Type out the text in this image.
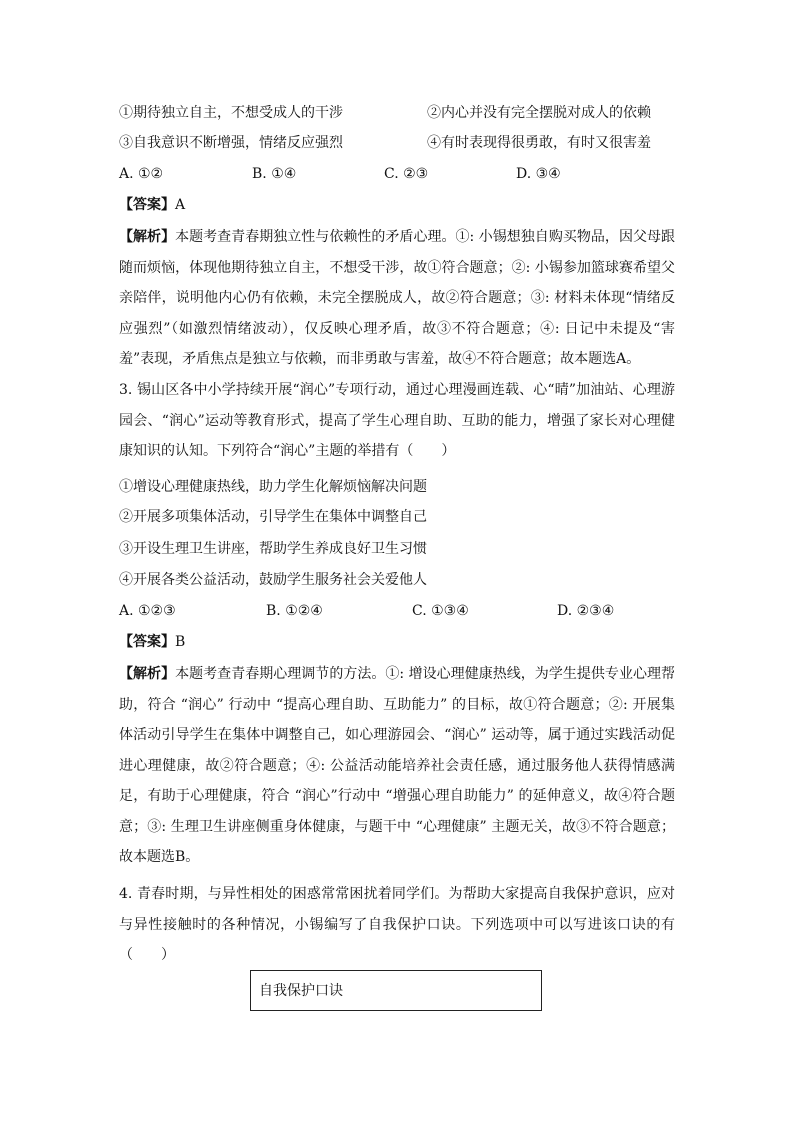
①期待独立自主，不想受成人的干涉	②内心并没有完全摆脱对成人的依赖
③自我意识不断增强，情绪反应强烈	④有时表现得很勇敢，有时又很害羞
A. ①②	B. ①④	C. ②③	D. ③④
【答案】A
【解析】本题考查青春期独立性与依赖性的矛盾心理。①: 小锡想独自购买物品，因父母跟随而烦恼，体现他期待独立自主，不想受干涉，故①符合题意；②: 小锡参加篮球赛希望父亲陪伴，说明他内心仍有依赖，未完全摆脱成人，故②符合题意；③: 材料未体现“情绪反应强烈”（如激烈情绪波动），仅反映心理矛盾，故③不符合题意；④: 日记中未提及“害羞”表现，矛盾焦点是独立与依赖，而非勇敢与害羞，故④不符合题意；故本题选A。
3. 锡山区各中小学持续开展“润心”专项行动，通过心理漫画连载、心“晴”加油站、心理游园会、“润心”运动等教育形式，提高了学生心理自助、互助的能力，增强了家长对心理健康知识的认知。下列符合“润心”主题的举措有（　　）
①增设心理健康热线，助力学生化解烦恼解决问题
②开展多项集体活动，引导学生在集体中调整自己
③开设生理卫生讲座，帮助学生养成良好卫生习惯
④开展各类公益活动，鼓励学生服务社会关爱他人
A. ①②③	B. ①②④	C. ①③④	D. ②③④
【答案】B
【解析】本题考查青春期心理调节的方法。①: 增设心理健康热线，为学生提供专业心理帮助，符合 “润心” 行动中 “提高心理自助、互助能力” 的目标，故①符合题意；②: 开展集体活动引导学生在集体中调整自己，如心理游园会、“润心” 运动等，属于通过实践活动促进心理健康，故②符合题意；④: 公益活动能培养社会责任感，通过服务他人获得情感满足，有助于心理健康，符合 “润心”行动中 “增强心理自助能力” 的延伸意义，故④符合题意；③: 生理卫生讲座侧重身体健康，与题干中 “心理健康” 主题无关，故③不符合题意；故本题选B。
4. 青春时期，与异性相处的困惑常常困扰着同学们。为帮助大家提高自我保护意识，应对与异性接触时的各种情况，小锡编写了自我保护口诀。下列选项中可以写进该口诀的有（　　）
自我保护口诀
